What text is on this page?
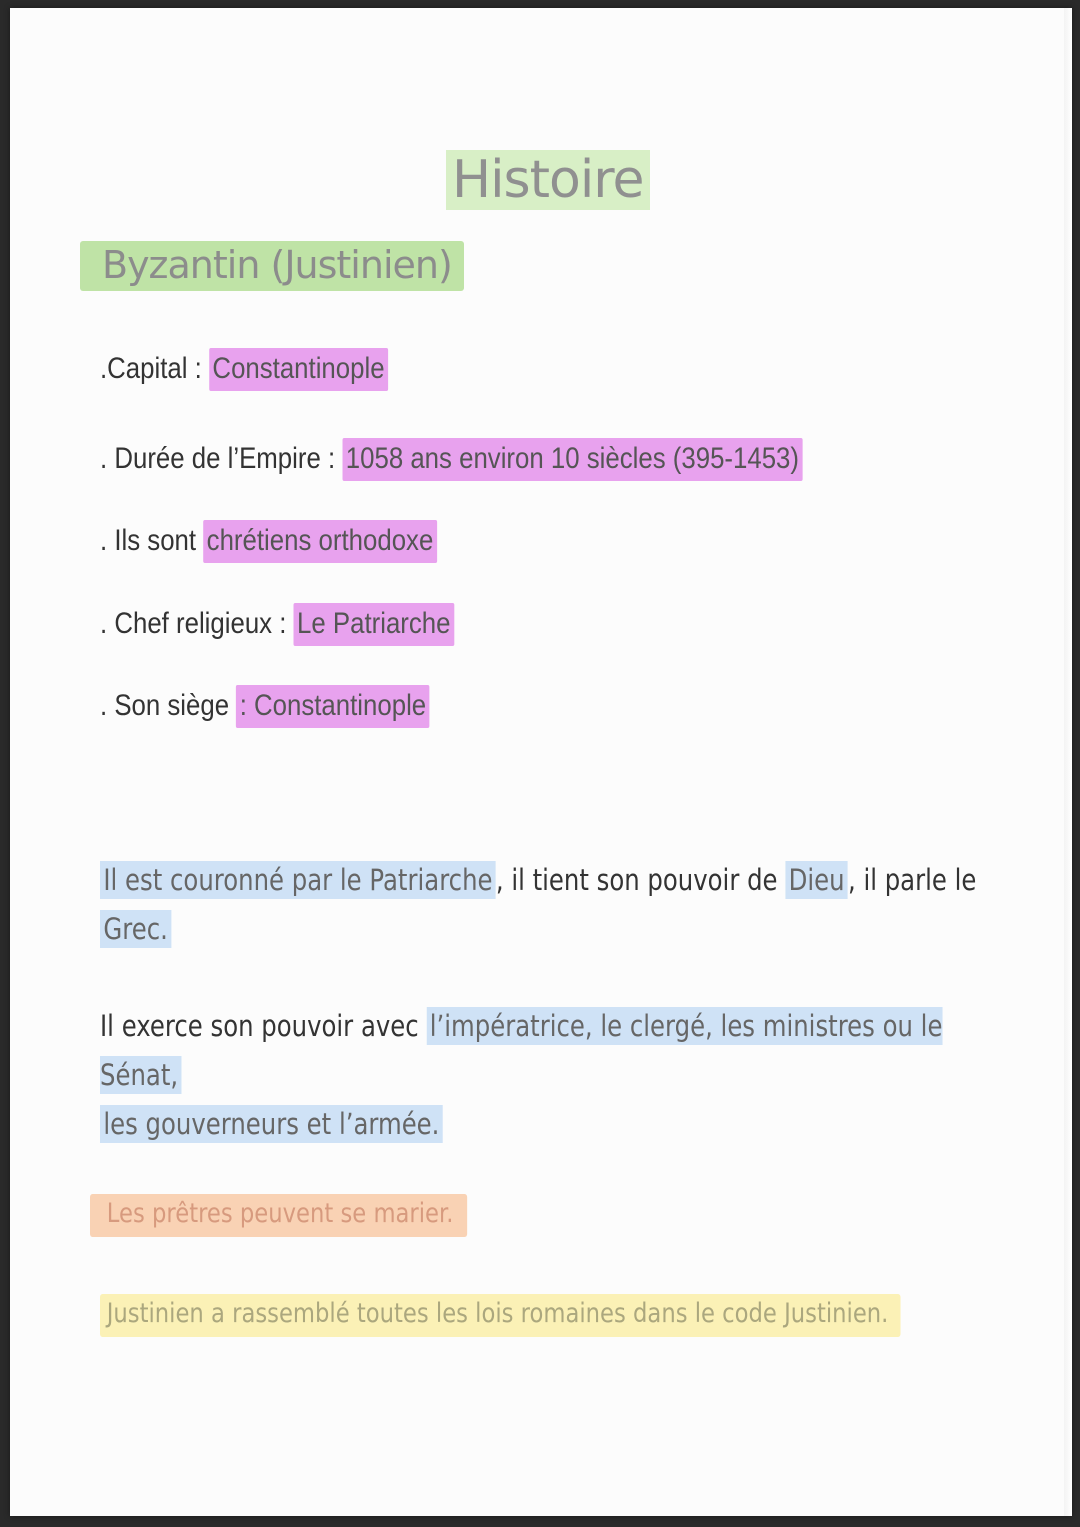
Histoire
Byzantin (Justinien)
.Capital : Constantinople
. Durée de l’Empire : 1058 ans environ 10 siècles (395-1453)
. Ils sont chrétiens orthodoxe
. Chef religieux : Le Patriarche
. Son siège : Constantinople
Il est couronné par le Patriarche , il tient son pouvoir de Dieu , il parle le
Grec.
Il exerce son pouvoir avec l’impératrice, le clergé, les ministres ou le Sénat,
les gouverneurs et l’armée.
Les prêtres peuvent se marier.
Justinien a rassemblé toutes les lois romaines dans le code Justinien.
